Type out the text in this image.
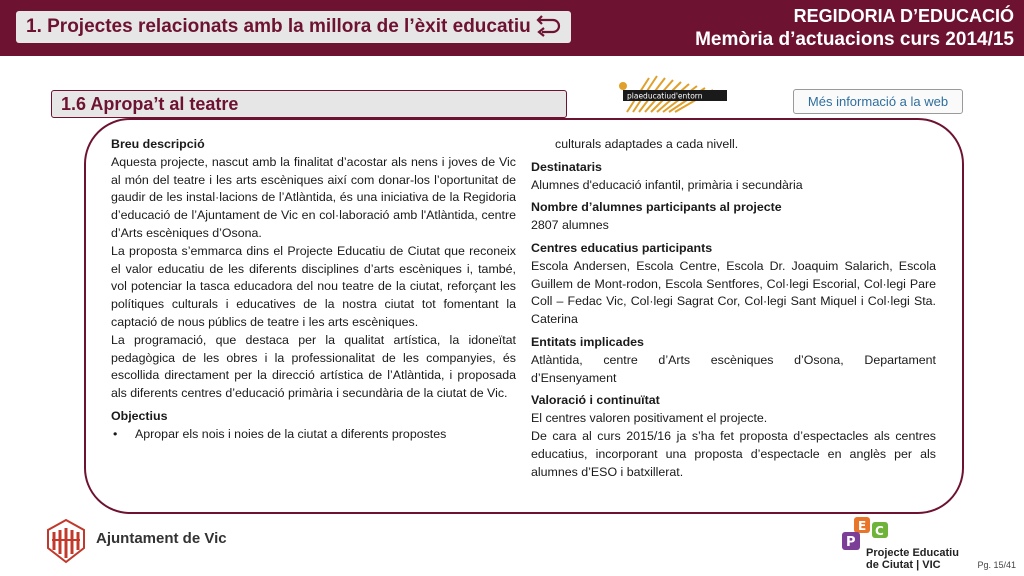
1. Projectes relacionats amb la millora de l’èxit educatiu	REGIDORIA D’EDUCACIÓ
Memòria d’actuacions curs 2014/15
1.6 Apropa’t al teatre	plaeducatiud'entorn	Més informació a la web

Breu descripció

Aquesta projecte, nascut amb la finalitat d’acostar als nens i joves de Vic al món del teatre i les arts escèniques així com donar-los l’oportunitat de gaudir de les instal·lacions de l’Atlàntida, és una iniciativa de la Regidoria d’educació de l’Ajuntament de Vic en col·laboració amb l'Atlàntida, centre d’Arts escèniques d’Osona.

La proposta s’emmarca dins el Projecte Educatiu de Ciutat que reconeix el valor educatiu de les diferents disciplines d’arts escèniques i, també, vol potenciar la tasca educadora del nou teatre de la ciutat, reforçant les polítiques culturals i educatives de la nostra ciutat tot fomentant la captació de nous públics de teatre i les arts escèniques.

La programació, que destaca per la qualitat artística, la idoneïtat pedagògica de les obres i la professionalitat de les companyies, és escollida directament per la direcció artística de l’Atlàntida, i proposada als diferents centres d’educació primària i secundària de la ciutat de Vic.

Objectius

• Apropar els nois i noies de la ciutat a diferents propostes

culturals adaptades a cada nivell.

Destinataris

Alumnes d'educació infantil, primària i secundària

Nombre d’alumnes participants al projecte

2807 alumnes

Centres educatius participants

Escola Andersen, Escola Centre, Escola Dr. Joaquim Salarich, Escola Guillem de Mont-rodon, Escola Sentfores, Col·legi Escorial, Col·legi Pare Coll – Fedac Vic, Col·legi Sagrat Cor, Col·legi Sant Miquel i Col·legi Sta. Caterina

Entitats implicades

Atlàntida, centre d’Arts escèniques d’Osona, Departament d’Ensenyament

Valoració i continuïtat

El centres valoren positivament el projecte.

De cara al curs 2015/16 ja s’ha fet proposta d’espectacles als centres educatius, incorporant una proposta d’espectacle en anglès per als alumnes d’ESO i batxillerat.

Ajuntament de Vic
E C
P
Projecte Educatiu
de Ciutat | VIC	Pg. 15/41
